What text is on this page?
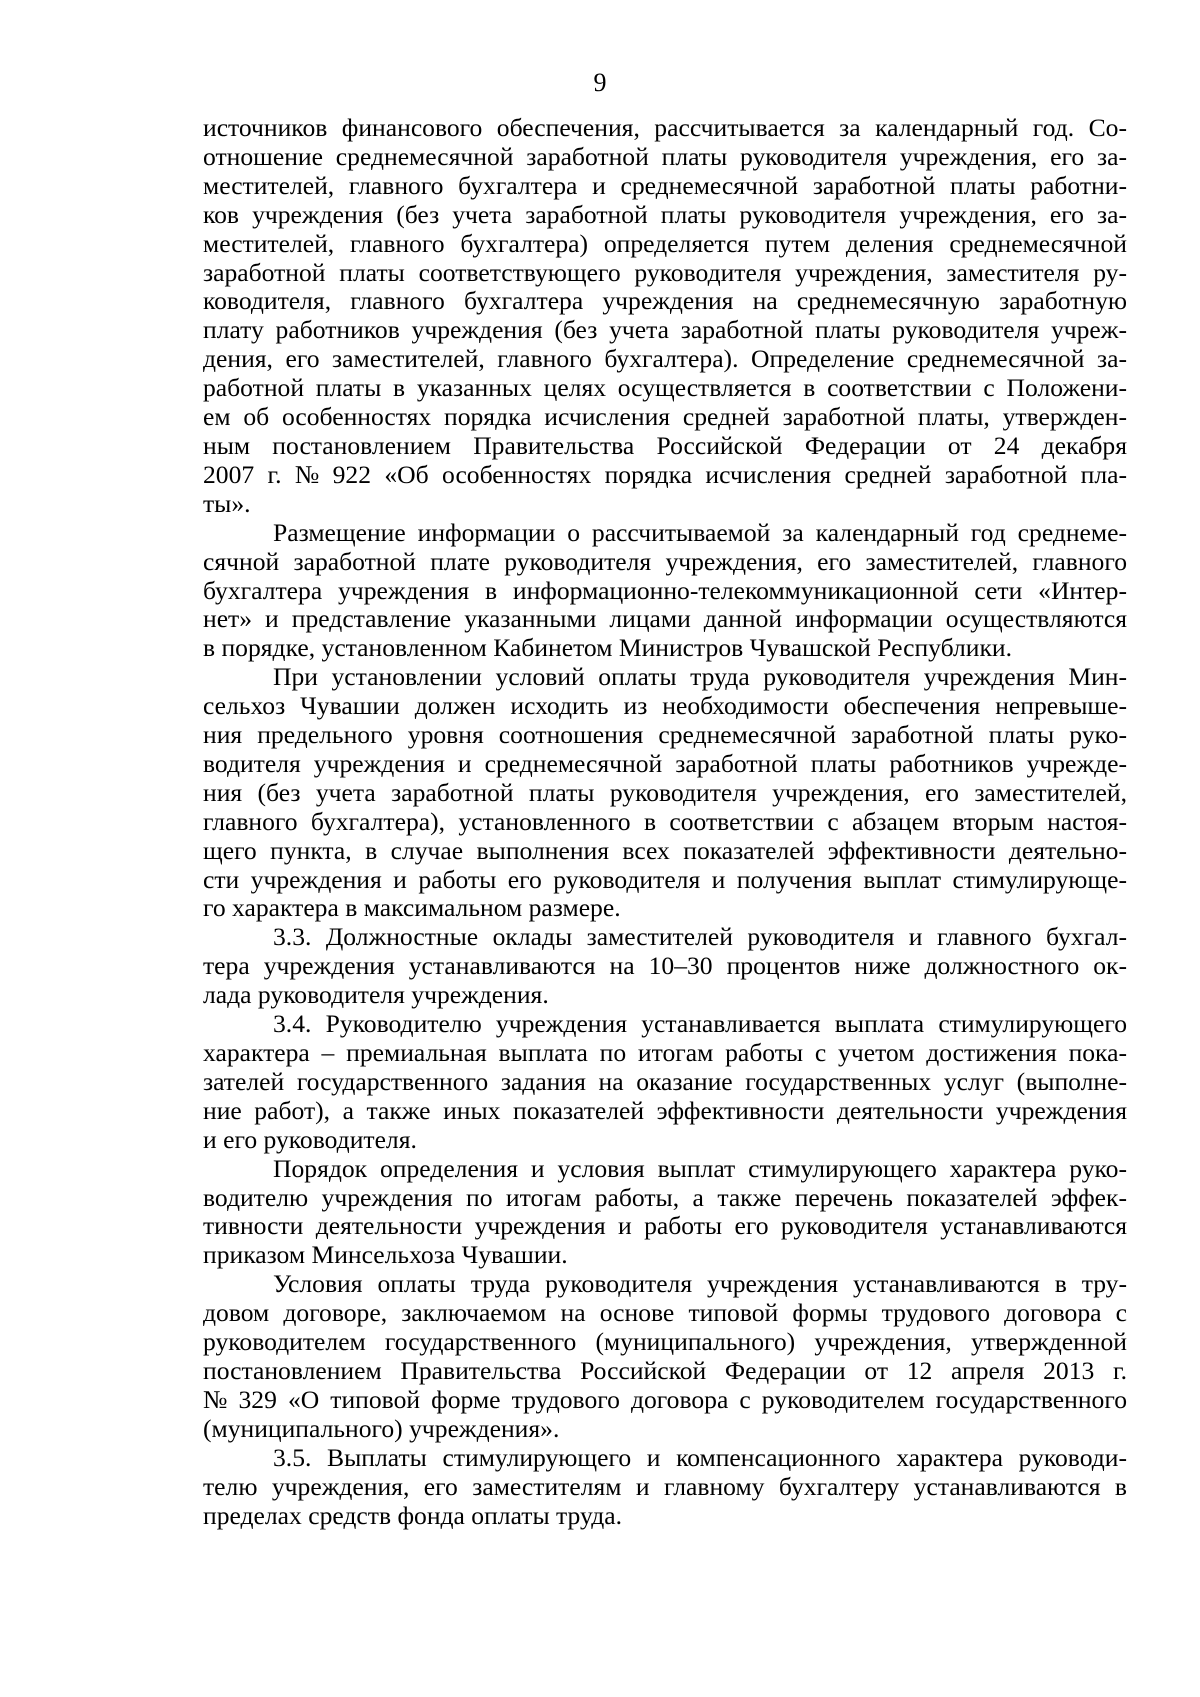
9
источников финансового обеспечения, рассчитывается за календарный год. Со-
отношение среднемесячной заработной платы руководителя учреждения, его за-
местителей, главного бухгалтера и среднемесячной заработной платы работни-
ков учреждения (без учета заработной платы руководителя учреждения, его за-
местителей, главного бухгалтера) определяется путем деления среднемесячной
заработной платы соответствующего руководителя учреждения, заместителя ру-
ководителя, главного бухгалтера учреждения на среднемесячную заработную
плату работников учреждения (без учета заработной платы руководителя учреж-
дения, его заместителей, главного бухгалтера). Определение среднемесячной за-
работной платы в указанных целях осуществляется в соответствии с Положени-
ем об особенностях порядка исчисления средней заработной платы, утвержден-
ным постановлением Правительства Российской Федерации от 24 декабря
2007 г. № 922 «Об особенностях порядка исчисления средней заработной пла-
ты».
Размещение информации о рассчитываемой за календарный год среднеме-
сячной заработной плате руководителя учреждения, его заместителей, главного
бухгалтера учреждения в информационно-телекоммуникационной сети «Интер-
нет» и представление указанными лицами данной информации осуществляются
в порядке, установленном Кабинетом Министров Чувашской Республики.
При установлении условий оплаты труда руководителя учреждения Мин-
сельхоз Чувашии должен исходить из необходимости обеспечения непревыше-
ния предельного уровня соотношения среднемесячной заработной платы руко-
водителя учреждения и среднемесячной заработной платы работников учрежде-
ния (без учета заработной платы руководителя учреждения, его заместителей,
главного бухгалтера), установленного в соответствии с абзацем вторым настоя-
щего пункта, в случае выполнения всех показателей эффективности деятельно-
сти учреждения и работы его руководителя и получения выплат стимулирующе-
го характера в максимальном размере.
3.3. Должностные оклады заместителей руководителя и главного бухгал-
тера учреждения устанавливаются на 10–30 процентов ниже должностного ок-
лада руководителя учреждения.
3.4. Руководителю учреждения устанавливается выплата стимулирующего
характера – премиальная выплата по итогам работы с учетом достижения пока-
зателей государственного задания на оказание государственных услуг (выполне-
ние работ), а также иных показателей эффективности деятельности учреждения
и его руководителя.
Порядок определения и условия выплат стимулирующего характера руко-
водителю учреждения по итогам работы, а также перечень показателей эффек-
тивности деятельности учреждения и работы его руководителя устанавливаются
приказом Минсельхоза Чувашии.
Условия оплаты труда руководителя учреждения устанавливаются в тру-
довом договоре, заключаемом на основе типовой формы трудового договора с
руководителем государственного (муниципального) учреждения, утвержденной
постановлением Правительства Российской Федерации от 12 апреля 2013 г.
№ 329 «О типовой форме трудового договора с руководителем государственного
(муниципального) учреждения».
3.5. Выплаты стимулирующего и компенсационного характера руководи-
телю учреждения, его заместителям и главному бухгалтеру устанавливаются в
пределах средств фонда оплаты труда.
